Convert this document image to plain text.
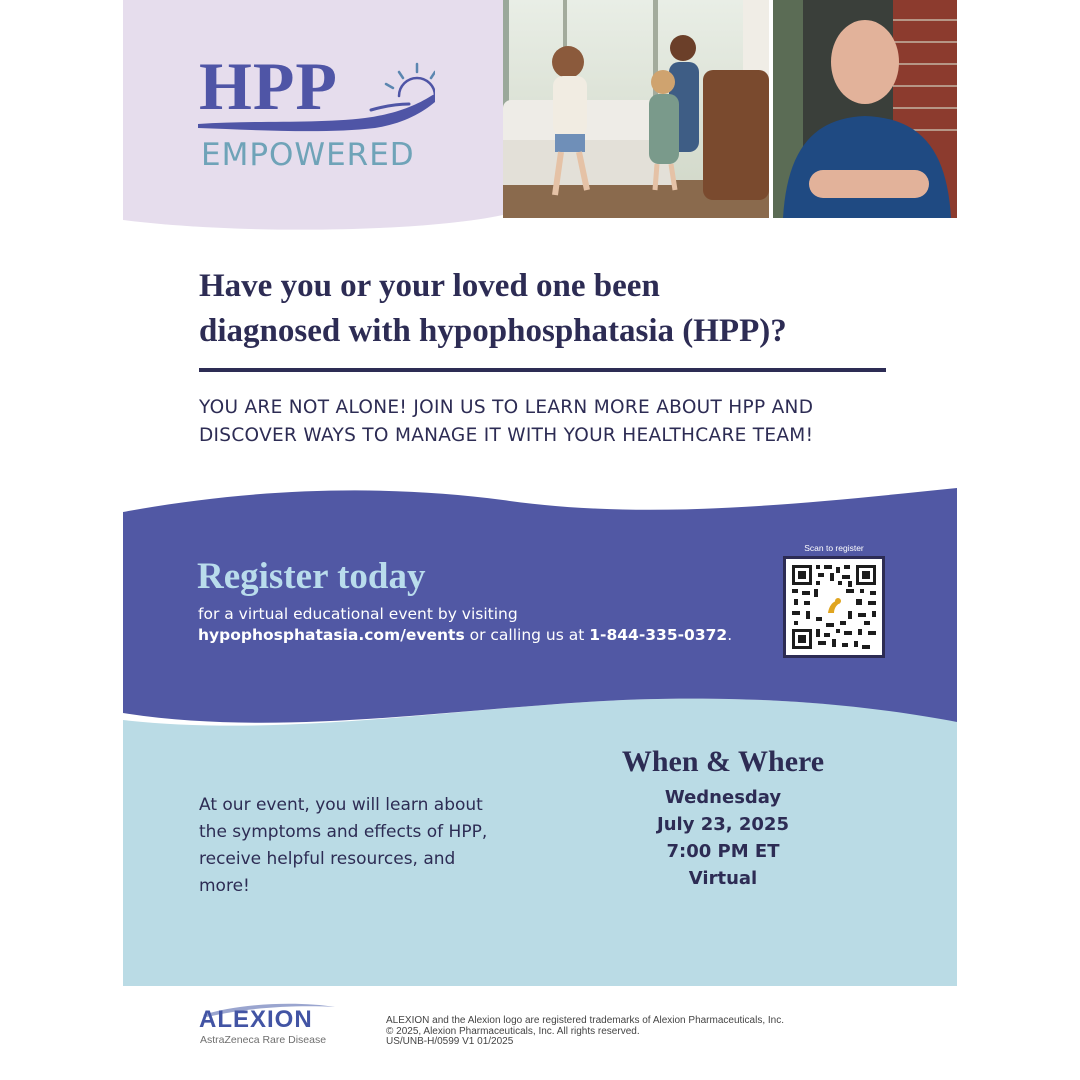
HPP
EMPOWERED
Have you or your loved one been
diagnosed with hypophosphatasia (HPP)?
YOU ARE NOT ALONE! JOIN US TO LEARN MORE ABOUT HPP AND
DISCOVER WAYS TO MANAGE IT WITH YOUR HEALTHCARE TEAM!
Register today
for a virtual educational event by visiting
hypophosphatasia.com/events or calling us at 1-844-335-0372.
Scan to register
At our event, you will learn about
the symptoms and effects of HPP,
receive helpful resources, and
more!
When & Where
Wednesday
July 23, 2025
7:00 PM ET
Virtual
ALEXION
AstraZeneca Rare Disease
ALEXION and the Alexion logo are registered trademarks of Alexion Pharmaceuticals, Inc.
© 2025, Alexion Pharmaceuticals, Inc. All rights reserved.
US/UNB-H/0599 V1 01/2025
